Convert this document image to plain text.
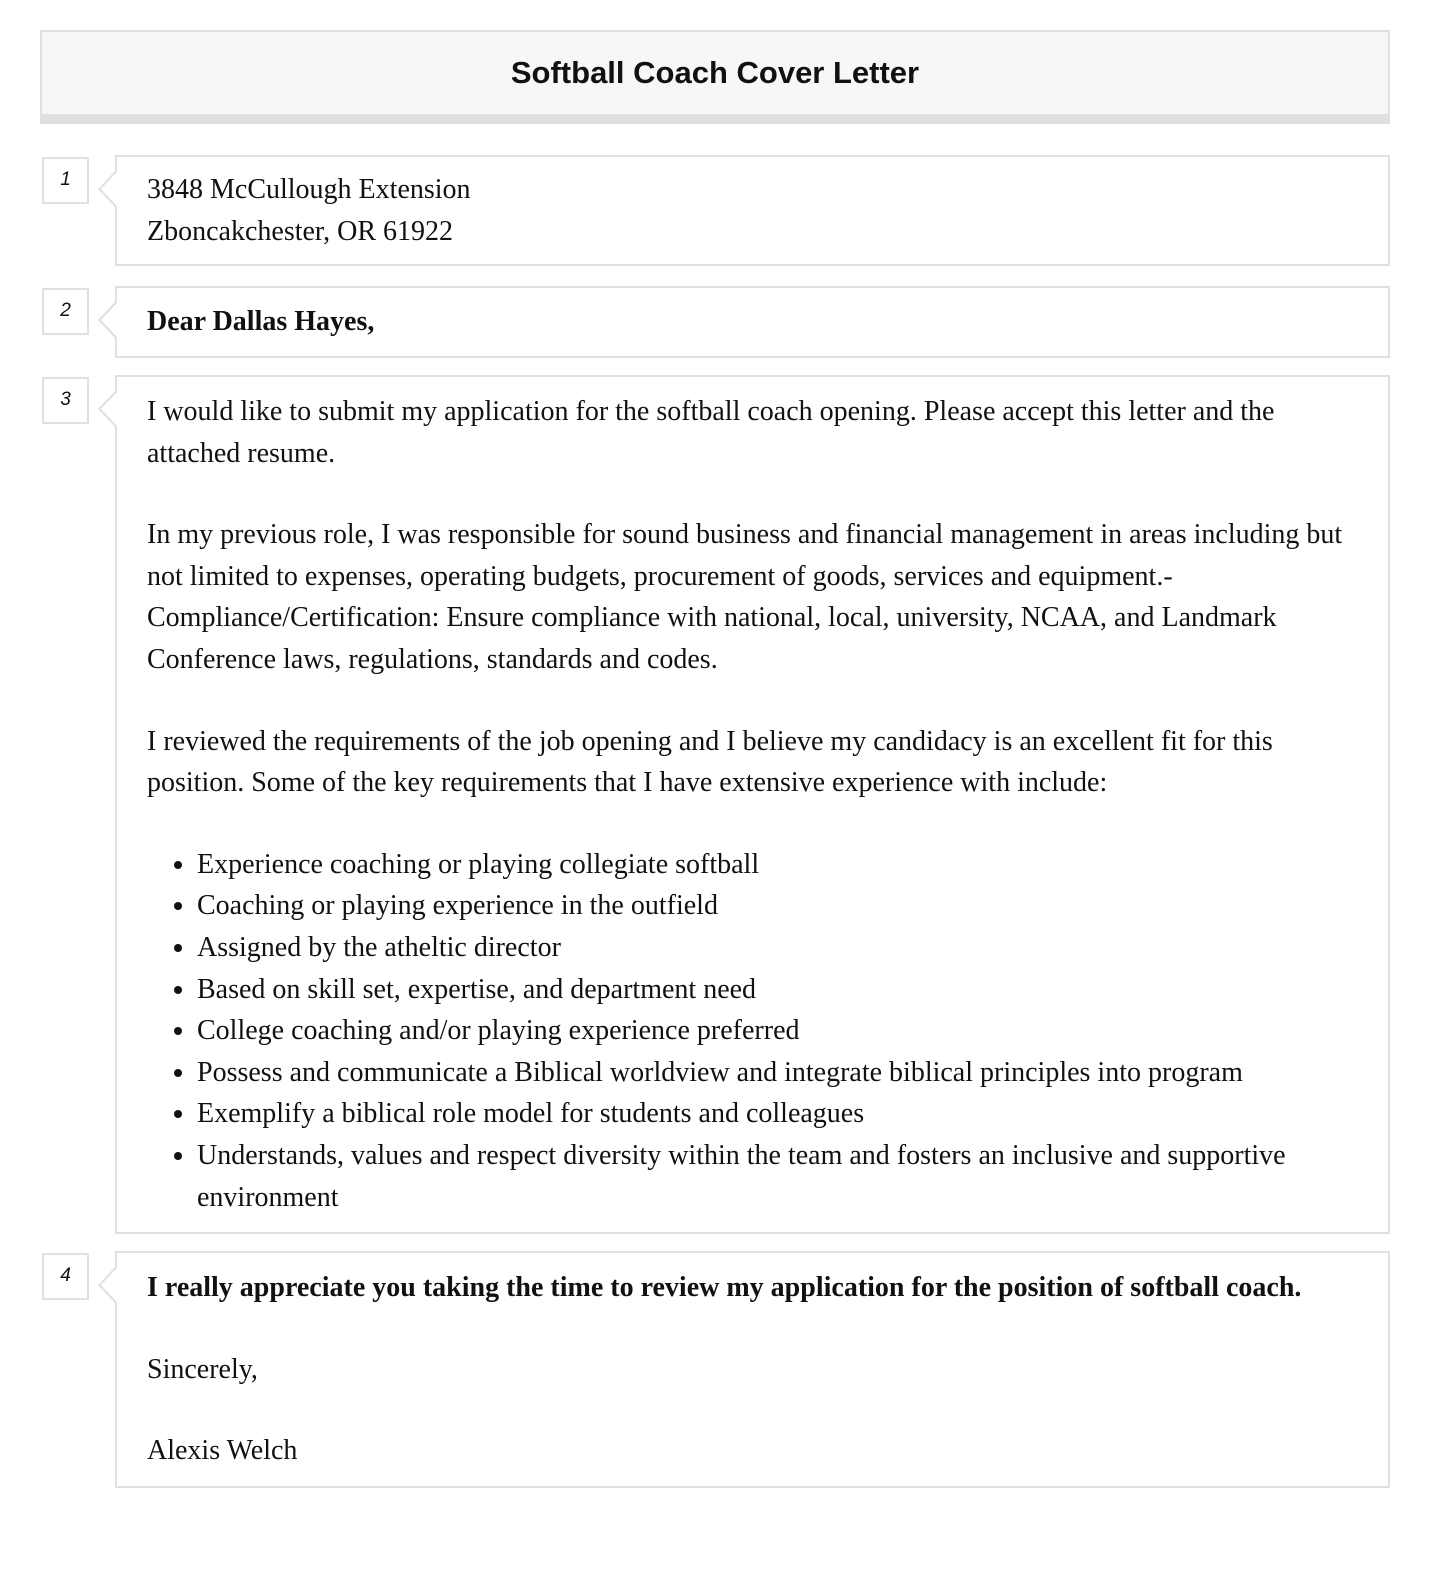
Softball Coach Cover Letter
1	3848 McCullough Extension
Zboncakchester, OR 61922
2	Dear Dallas Hayes,
3	I would like to submit my application for the softball coach opening. Please accept this letter and the attached resume.

In my previous role, I was responsible for sound business and financial management in areas including but not limited to expenses, operating budgets, procurement of goods, services and equipment.-Compliance/Certification: Ensure compliance with national, local, university, NCAA, and Landmark Conference laws, regulations, standards and codes.

I reviewed the requirements of the job opening and I believe my candidacy is an excellent fit for this position. Some of the key requirements that I have extensive experience with include:

• Experience coaching or playing collegiate softball
• Coaching or playing experience in the outfield
• Assigned by the atheltic director
• Based on skill set, expertise, and department need
• College coaching and/or playing experience preferred
• Possess and communicate a Biblical worldview and integrate biblical principles into program
• Exemplify a biblical role model for students and colleagues
• Understands, values and respect diversity within the team and fosters an inclusive and supportive environment
4	I really appreciate you taking the time to review my application for the position of softball coach.

Sincerely,

Alexis Welch
